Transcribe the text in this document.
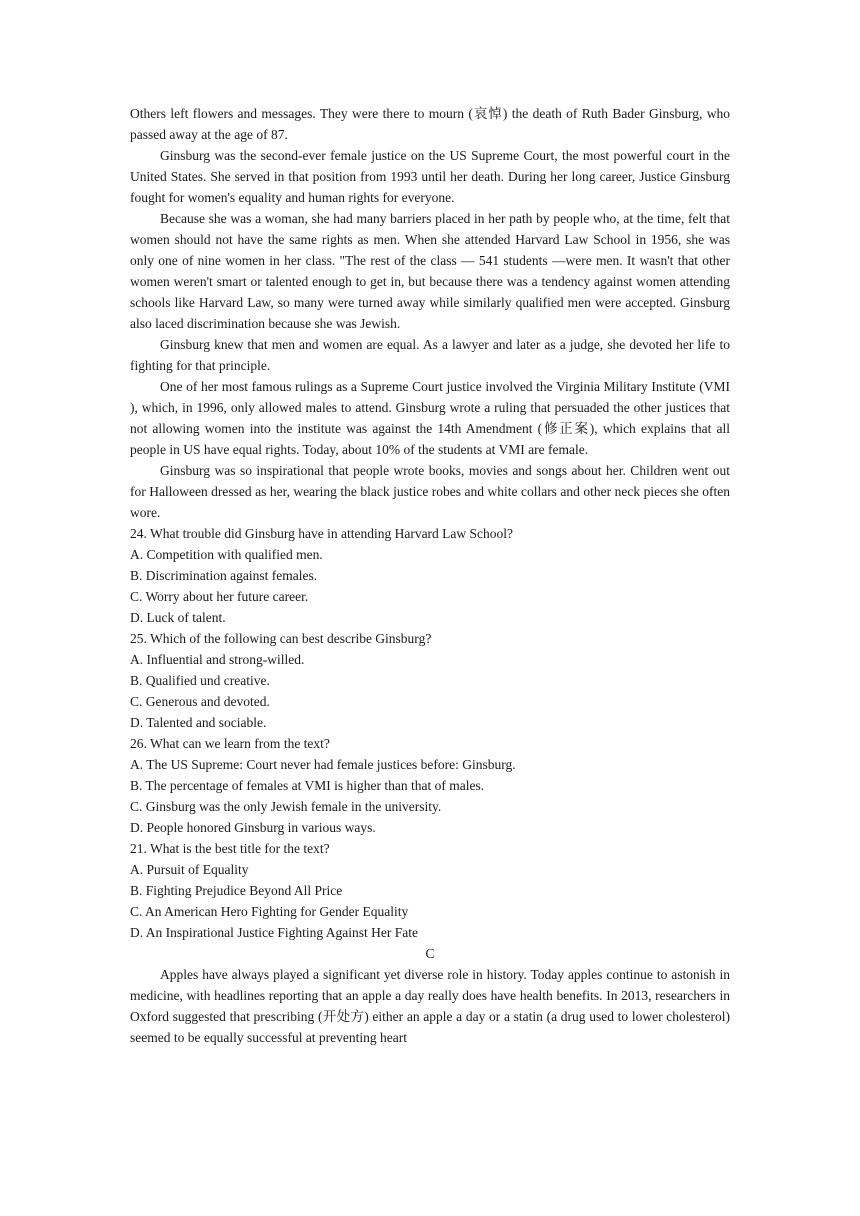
Others left flowers and messages. They were there to mourn (哀悼) the death of Ruth Bader Ginsburg, who passed away at the age of 87.

Ginsburg was the second-ever female justice on the US Supreme Court, the most powerful court in the United States. She served in that position from 1993 until her death. During her long career, Justice Ginsburg fought for women's equality and human rights for everyone.

Because she was a woman, she had many barriers placed in her path by people who, at the time, felt that women should not have the same rights as men. When she attended Harvard Law School in 1956, she was only one of nine women in her class. "The rest of the class — 541 students —were men. It wasn't that other women weren't smart or talented enough to get in, but because there was a tendency against women attending schools like Harvard Law, so many were turned away while similarly qualified men were accepted. Ginsburg also laced discrimination because she was Jewish.

Ginsburg knew that men and women are equal. As a lawyer and later as a judge, she devoted her life to fighting for that principle.

One of her most famous rulings as a Supreme Court justice involved the Virginia Military Institute (VMI ), which, in 1996, only allowed males to attend. Ginsburg wrote a ruling that persuaded the other justices that not allowing women into the institute was against the 14th Amendment (修正案), which explains that all people in US have equal rights. Today, about 10% of the students at VMI are female.

Ginsburg was so inspirational that people wrote books, movies and songs about her. Children went out for Halloween dressed as her, wearing the black justice robes and white collars and other neck pieces she often wore.

24. What trouble did Ginsburg have in attending Harvard Law School?

A. Competition with qualified men.

B. Discrimination against females.

C. Worry about her future career.

D. Luck of talent.

25. Which of the following can best describe Ginsburg?

A. Influential and strong-willed.

B. Qualified und creative.

C. Generous and devoted.

D. Talented and sociable.

26. What can we learn from the text?

A. The US Supreme: Court never had female justices before: Ginsburg.

B. The percentage of females at VMI is higher than that of males.

C. Ginsburg was the only Jewish female in the university.

D. People honored Ginsburg in various ways.

21. What is the best title for the text?

A. Pursuit of Equality

B. Fighting Prejudice Beyond All Price

C. An American Hero Fighting for Gender Equality

D. An Inspirational Justice Fighting Against Her Fate

C

Apples have always played a significant yet diverse role in history. Today apples continue to astonish in medicine, with headlines reporting that an apple a day really does have health benefits. In 2013, researchers in Oxford suggested that prescribing (开处方) either an apple a day or a statin (a drug used to lower cholesterol) seemed to be equally successful at preventing heart
